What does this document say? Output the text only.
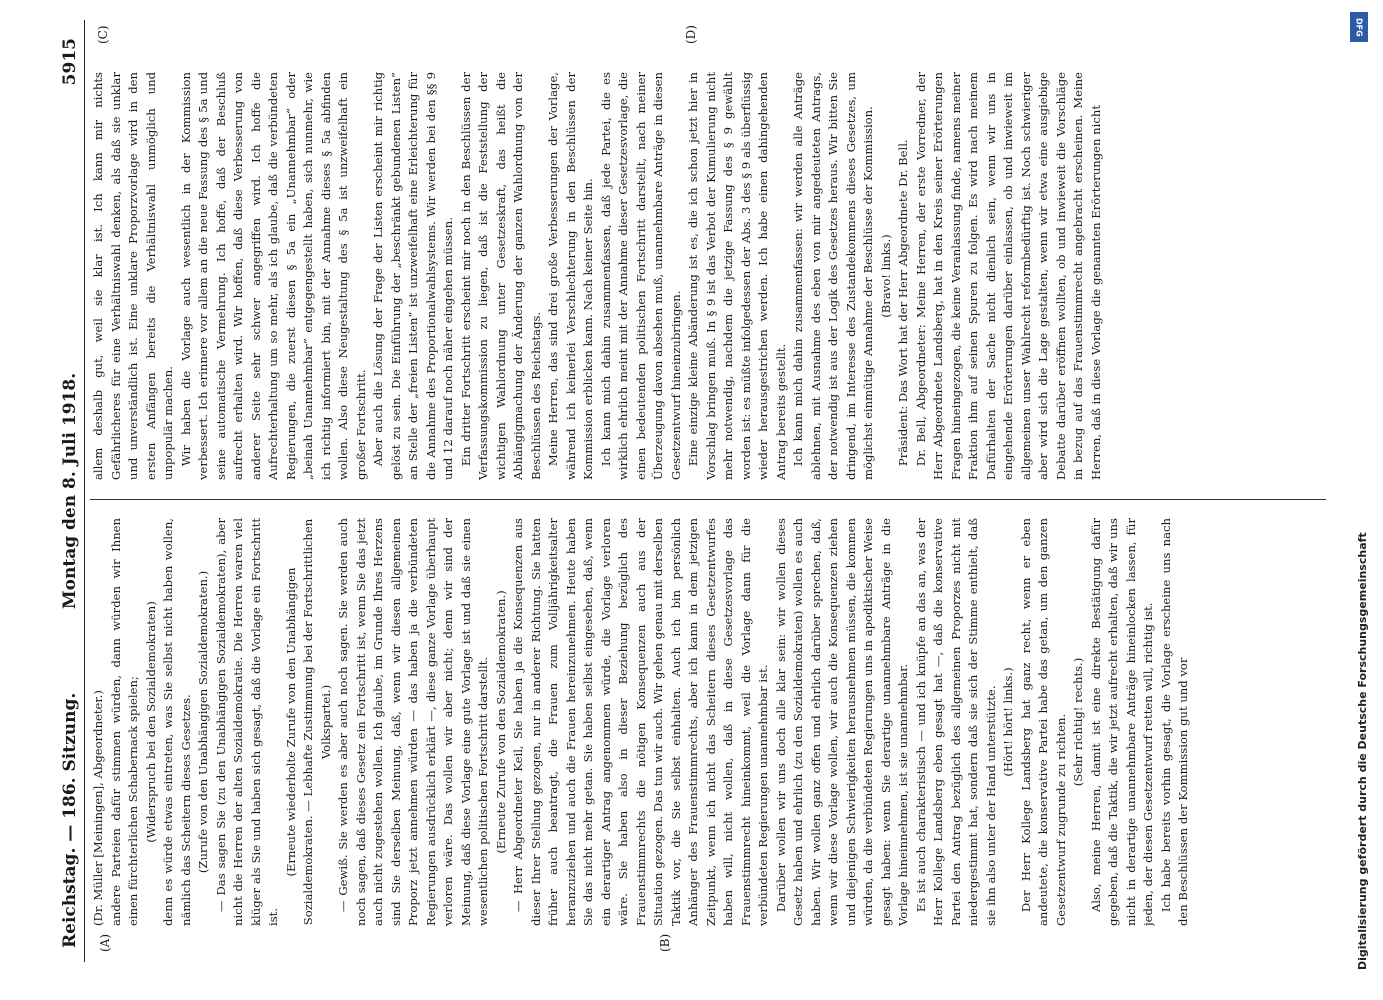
Reichstag. — 186. Sitzung.
Montag den 8. Juli 1918.
5915
(A)	(B)
(C)	(D)

(Dr. Müller [Meiningen], Abgeordneter.) andere Parteien dafür stimmen würden, dann würden wir Ihnen einen fürchterlichen Schabernack spielen; (Widerspruch bei den Sozialdemokraten) denn es würde etwas eintreten, was Sie selbst nicht haben wollen, nämlich das Scheitern dieses Gesetzes. (Zurufe von den Unabhängigen Sozialdemokraten.) — Das sagen Sie (zu den Unabhängigen Sozialdemokraten), aber nicht die Herren der alten Sozialdemokratie. Die Herren waren viel klüger als Sie und haben sich gesagt, daß die Vorlage ein Fortschritt ist.

(Erneute wiederholte Zurufe von den Unabhängigen Sozialdemokraten. — Lebhafte Zustimmung bei der Fortschrittlichen Volkspartei.) — Gewiß. Sie werden es aber auch noch sagen. Sie werden auch noch sagen, daß dieses Gesetz ein Fortschritt ist, wenn Sie das jetzt auch nicht zugestehen wollen. Ich glaube, im Grunde Ihres Herzens sind Sie derselben Meinung, daß, wenn wir diesen allgemeinen Proporz jetzt annehmen würden — das haben ja die verbündeten Regierungen ausdrücklich erklärt —, diese ganze Vorlage überhaupt verloren wäre. Das wollen wir aber nicht; denn wir sind der Meinung, daß diese Vorlage eine gute Vorlage ist und daß sie einen wesentlichen politischen Fortschritt darstellt. (Erneute Zurufe von den Sozialdemokraten.) — Herr Abgeordneter Keil, Sie haben ja die Konsequenzen aus dieser Ihrer Stellung gezogen, nur in anderer Richtung. Sie hatten früher auch beantragt, die Frauen zum Volljährigkeitsalter heranzuziehen und auch die Frauen hereinzunehmen. Heute haben Sie das nicht mehr getan. Sie haben selbst eingesehen, daß, wenn ein derartiger Antrag angenommen würde, die Vorlage verloren wäre. Sie haben also in dieser Beziehung bezüglich des Frauenstimmrechts die nötigen Konsequenzen auch aus der Situation gezogen. Das tun wir auch. Wir gehen genau mit derselben Taktik vor, die Sie selbst einhalten. Auch ich bin persönlich Anhänger des Frauenstimmrechts, aber ich kann in dem jetzigen Zeitpunkt, wenn ich nicht das Scheitern dieses Gesetzentwurfes haben will, nicht wollen, daß in diese Gesetzesvorlage das Frauenstimmrecht hineinkommt, weil die Vorlage dann für die verbündeten Regierungen unannehmbar ist. Darüber wollen wir uns doch alle klar sein: wir wollen dieses Gesetz haben und ehrlich (zu den Sozialdemokraten) wollen es auch haben. Wir wollen ganz offen und ehrlich darüber sprechen, daß, wenn wir diese Vorlage wollen, wir auch die Konsequenzen ziehen und diejenigen Schwierigkeiten herausnehmen müssen, die kommen würden, da die verbündeten Regierungen uns in apodiktischer Weise gesagt haben: wenn Sie derartige unannehmbare Anträge in die Vorlage hineinnehmen, ist sie unannehmbar. Es ist auch charakteristisch — und ich knüpfe an das an, was der Herr Kollege Landsberg eben gesagt hat —, daß die konservative Partei den Antrag bezüglich des allgemeinen Proporzes nicht mit niedergestimmt hat, sondern daß sie sich der Stimme enthielt, daß sie ihn also unter der Hand unterstützte. (Hört! hört! links.) Der Herr Kollege Landsberg hat ganz recht, wenn er eben andeutete, die konservative Partei habe das getan, um den ganzen Gesetzentwurf zugrunde zu richten. (Sehr richtig! rechts.) Also, meine Herren, damit ist eine direkte Bestätigung dafür gegeben, daß die Taktik, die wir jetzt aufrecht erhalten, daß wir uns nicht in derartige unannehmbare Anträge hineinlocken lassen, für jeden, der diesen Gesetzentwurf retten will, richtig ist. Ich habe bereits vorhin gesagt, die Vorlage erscheine uns nach den Beschlüssen der Kommission gut und vor

allem deshalb gut, weil sie klar ist. Ich kann mir nichts Gefährlicheres für eine Verhältniswahl denken, als daß sie unklar und unverständlich ist. Eine unklare Proporzvorlage wird in den ersten Anfängen bereits die Verhältniswahl unmöglich und unpopulär machen. Wir haben die Vorlage auch wesentlich in der Kommission verbessert. Ich erinnere vor allem an die neue Fassung des § 5a und seine automatische Vermehrung. Ich hoffe, daß der Beschluß aufrecht erhalten wird. Wir hoffen, daß diese Verbesserung von anderer Seite sehr schwer angegriffen wird. Ich hoffe die Aufrechterhaltung um so mehr, als ich glaube, daß die verbündeten Regierungen, die zuerst diesen § 5a ein „Unannehmbar“ oder „beinah Unannehmbar“ entgegengestellt haben, sich nunmehr, wie ich richtig informiert bin, mit der Annahme dieses § 5a abfinden wollen. Also diese Neugestaltung des § 5a ist unzweifelhaft ein großer Fortschritt. Aber auch die Lösung der Frage der Listen erscheint mir richtig gelöst zu sein. Die Einführung der „beschränkt gebundenen Listen“ an Stelle der „freien Listen“ ist unzweifelhaft eine Erleichterung für die Annahme des Proportionalwahlsystems. Wir werden bei den §§ 9 und 12 darauf noch näher eingehen müssen. Ein dritter Fortschritt erscheint mir noch in den Beschlüssen der Verfassungskommission zu liegen, daß ist die Feststellung der wichtigen Wahlordnung unter Gesetzeskraft, das heißt die Abhängigmachung der Änderung der ganzen Wahlordnung von der Beschlüssen des Reichstags. Meine Herren, das sind drei große Verbesserungen der Vorlage, während ich keinerlei Verschlechterung in den Beschlüssen der Kommission erblicken kann. Nach keiner Seite hin. Ich kann mich dahin zusammenfassen, daß jede Partei, die es wirklich ehrlich meint mit der Annahme dieser Gesetzesvorlage, die einen bedeutenden politischen Fortschritt darstellt, nach meiner Überzeugung davon absehen muß, unannehmbare Anträge in diesen Gesetzentwurf hineinzubringen. Eine einzige kleine Abänderung ist es, die ich schon jetzt hier in Vorschlag bringen muß. In § 9 ist das Verbot der Kumulierung nicht mehr notwendig, nachdem die jetzige Fassung des § 9 gewählt worden ist: es müßte infolgedessen der Abs. 3 des § 9 als überflüssig wieder herausgestrichen werden. Ich habe einen dahingehenden Antrag bereits gestellt. Ich kann mich dahin zusammenfassen: wir werden alle Anträge ablehnen, mit Ausnahme des eben von mir angedeuteten Antrags, der notwendig ist aus der Logik des Gesetzes heraus. Wir bitten Sie dringend, im Interesse des Zustandekommens dieses Gesetzes, um möglichst einmütige Annahme der Beschlüsse der Kommission. (Bravo! links.) Präsident: Das Wort hat der Herr Abgeordnete Dr. Bell. Dr. Bell, Abgeordneter: Meine Herren, der erste Vorredner, der Herr Abgeordnete Landsberg, hat in den Kreis seiner Erörterungen Fragen hineingezogen, die keine Veranlassung finde, namens meiner Fraktion ihm auf seinen Spuren zu folgen. Es wird nach meinem Dafürhalten der Sache nicht dienlich sein, wenn wir uns in eingehende Erörterungen darüber einlassen, ob und inwieweit im allgemeinen unser Wahlrecht reformbedürftig ist. Noch schwieriger aber wird sich die Lage gestalten, wenn wir etwa eine ausgiebige Debatte darüber eröffnen wollten, ob und inwieweit die Vorschläge in bezug auf das Frauenstimmrecht angebracht erscheinen. Meine Herren, daß in diese Vorlage die genannten Erörterungen nicht

DFG
Digitalisierung gefördert durch die Deutsche Forschungsgemeinschaft
